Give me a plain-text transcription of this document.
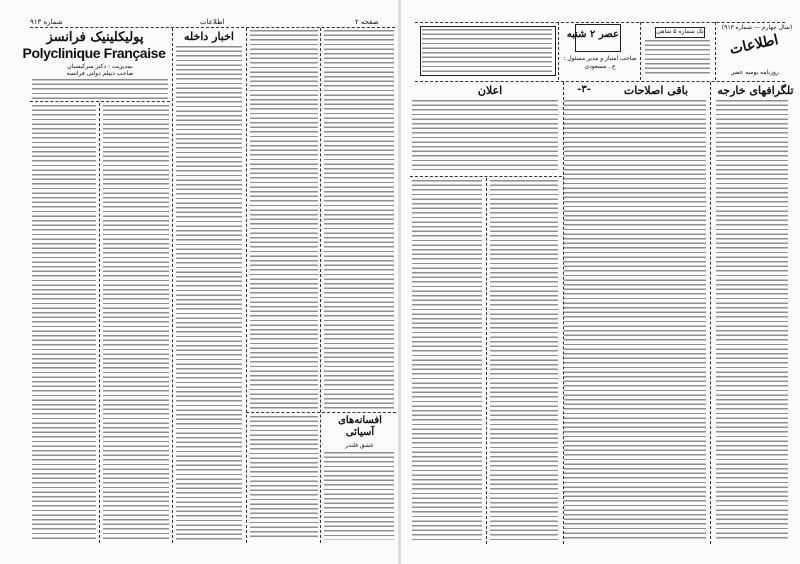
شماره ۹۱۳	اطلاعات	صفحه ۲
پولیکلینیک فرانسز
Polyclinique Française
بمدیریت : دکتر سرکیسیان
صاحب دیپلم دولتی فرانسه
اخبار داخله
افسانه‌های آسیائی
عشق قلندر
(سال چهارم — شماره ۹۱۳)
اطلاعات
روزنامه یومیه عصر
تک شماره ۵ شاهی
عصر ۲ شنبه
صاحب امتیاز و مدیر مسئول : ع . مسعودی
تلگرافهای خارجه
باقی اصلاحات
-۳-
اعلان
